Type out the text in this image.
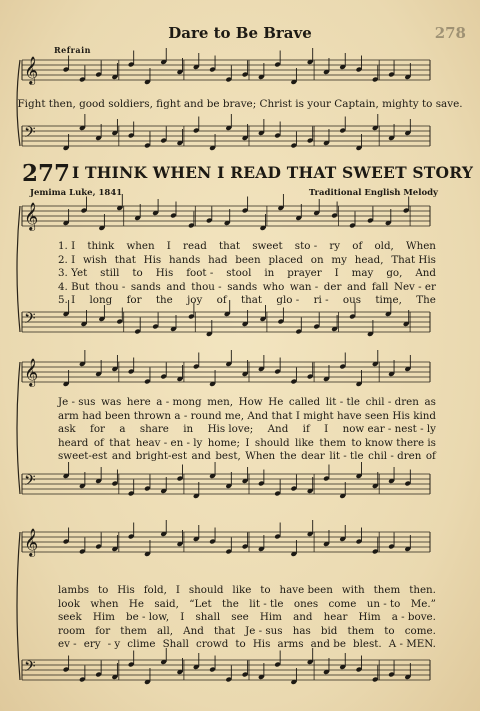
𝄞
𝄢
𝄞
𝄢
𝄞
𝄢
𝄞
𝄢
Dare to Be Brave	278
Refrain
Fight then, good soldiers, fight and be brave; Christ is your Captain, mighty to save.
277 I THINK WHEN I READ THAT SWEET STORY
Jemima Luke, 1841	Traditional English Melody
1. I think when I read that sweet sto - ry of old, When
2. I wish that His hands had been placed on my head, That His
3. Yet still to His foot - stool in prayer I may go, And
4. But thou - sands and thou - sands who wan - der and fall Nev - er
5. I long for the joy of that glo - ri - ous time, The
Je - sus was here a - mong men, How He called lit - tle chil - dren as
arm had been thrown a - round me, And that I might have seen His kind
ask for a share in His love; And if I now ear - nest - ly
heard of that heav - en - ly home; I should like them to know there is
sweet-est and bright-est and best, When the dear lit - tle chil - dren of
lambs to His fold, I should like to have been with them then.
look when He said, “Let the lit - tle ones come un - to Me.”
seek Him be - low, I shall see Him and hear Him a - bove.
room for them all, And that Je - sus has bid them to come.
ev - ery - y clime Shall crowd to His arms and be blest. A - MEN.
